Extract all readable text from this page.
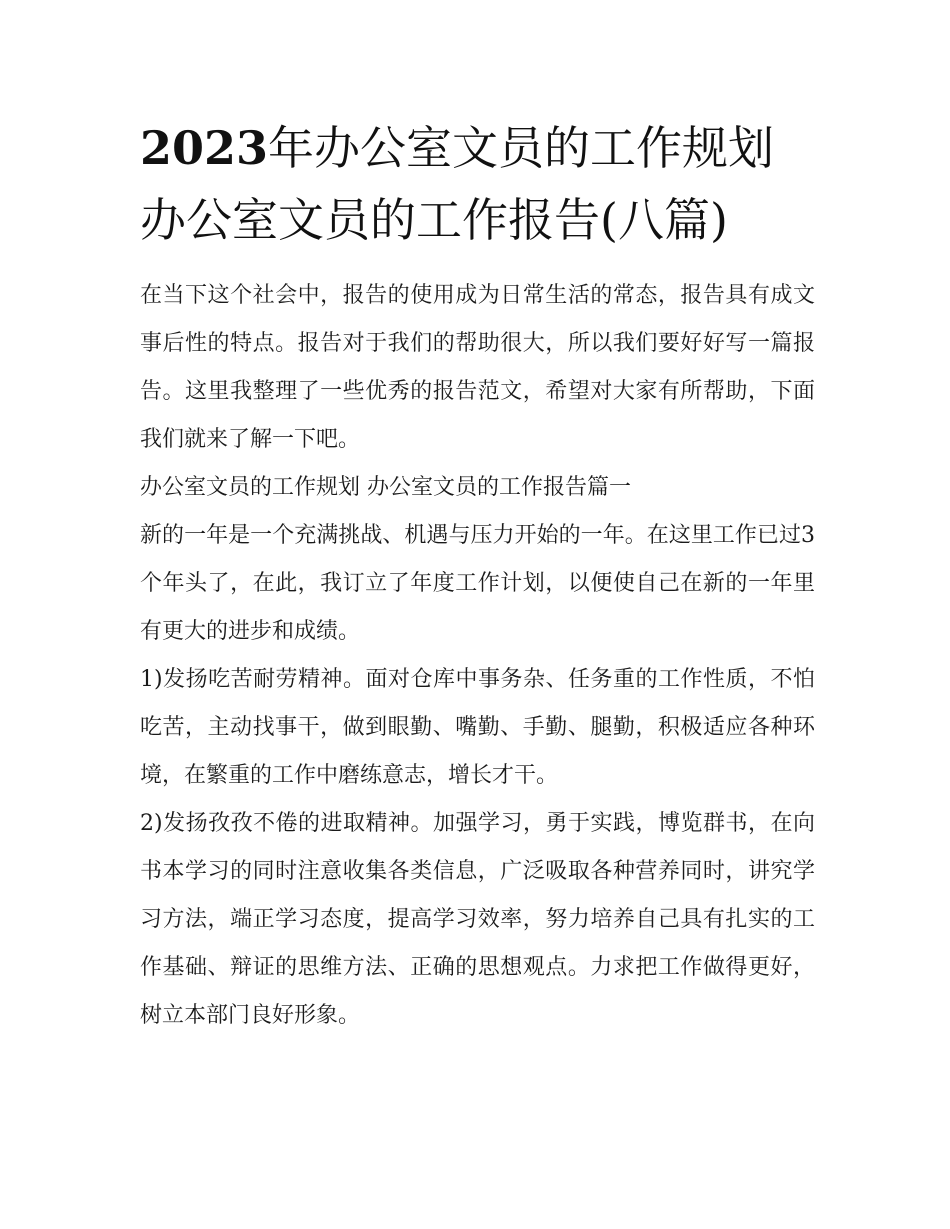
2023年办公室文员的工作规划
办公室文员的工作报告(八篇)

在当下这个社会中，报告的使用成为日常生活的常态，报告具有成文事后性的特点。报告对于我们的帮助很大，所以我们要好好写一篇报告。这里我整理了一些优秀的报告范文，希望对大家有所帮助，下面我们就来了解一下吧。

办公室文员的工作规划 办公室文员的工作报告篇一

新的一年是一个充满挑战、机遇与压力开始的一年。在这里工作已过3个年头了，在此，我订立了年度工作计划，以便使自己在新的一年里有更大的进步和成绩。

1)发扬吃苦耐劳精神。面对仓库中事务杂、任务重的工作性质，不怕吃苦，主动找事干，做到眼勤、嘴勤、手勤、腿勤，积极适应各种环境，在繁重的工作中磨练意志，增长才干。

2)发扬孜孜不倦的进取精神。加强学习，勇于实践，博览群书，在向书本学习的同时注意收集各类信息，广泛吸取各种营养同时，讲究学习方法，端正学习态度，提高学习效率，努力培养自己具有扎实的工作基础、辩证的思维方法、正确的思想观点。力求把工作做得更好，树立本部门良好形象。
